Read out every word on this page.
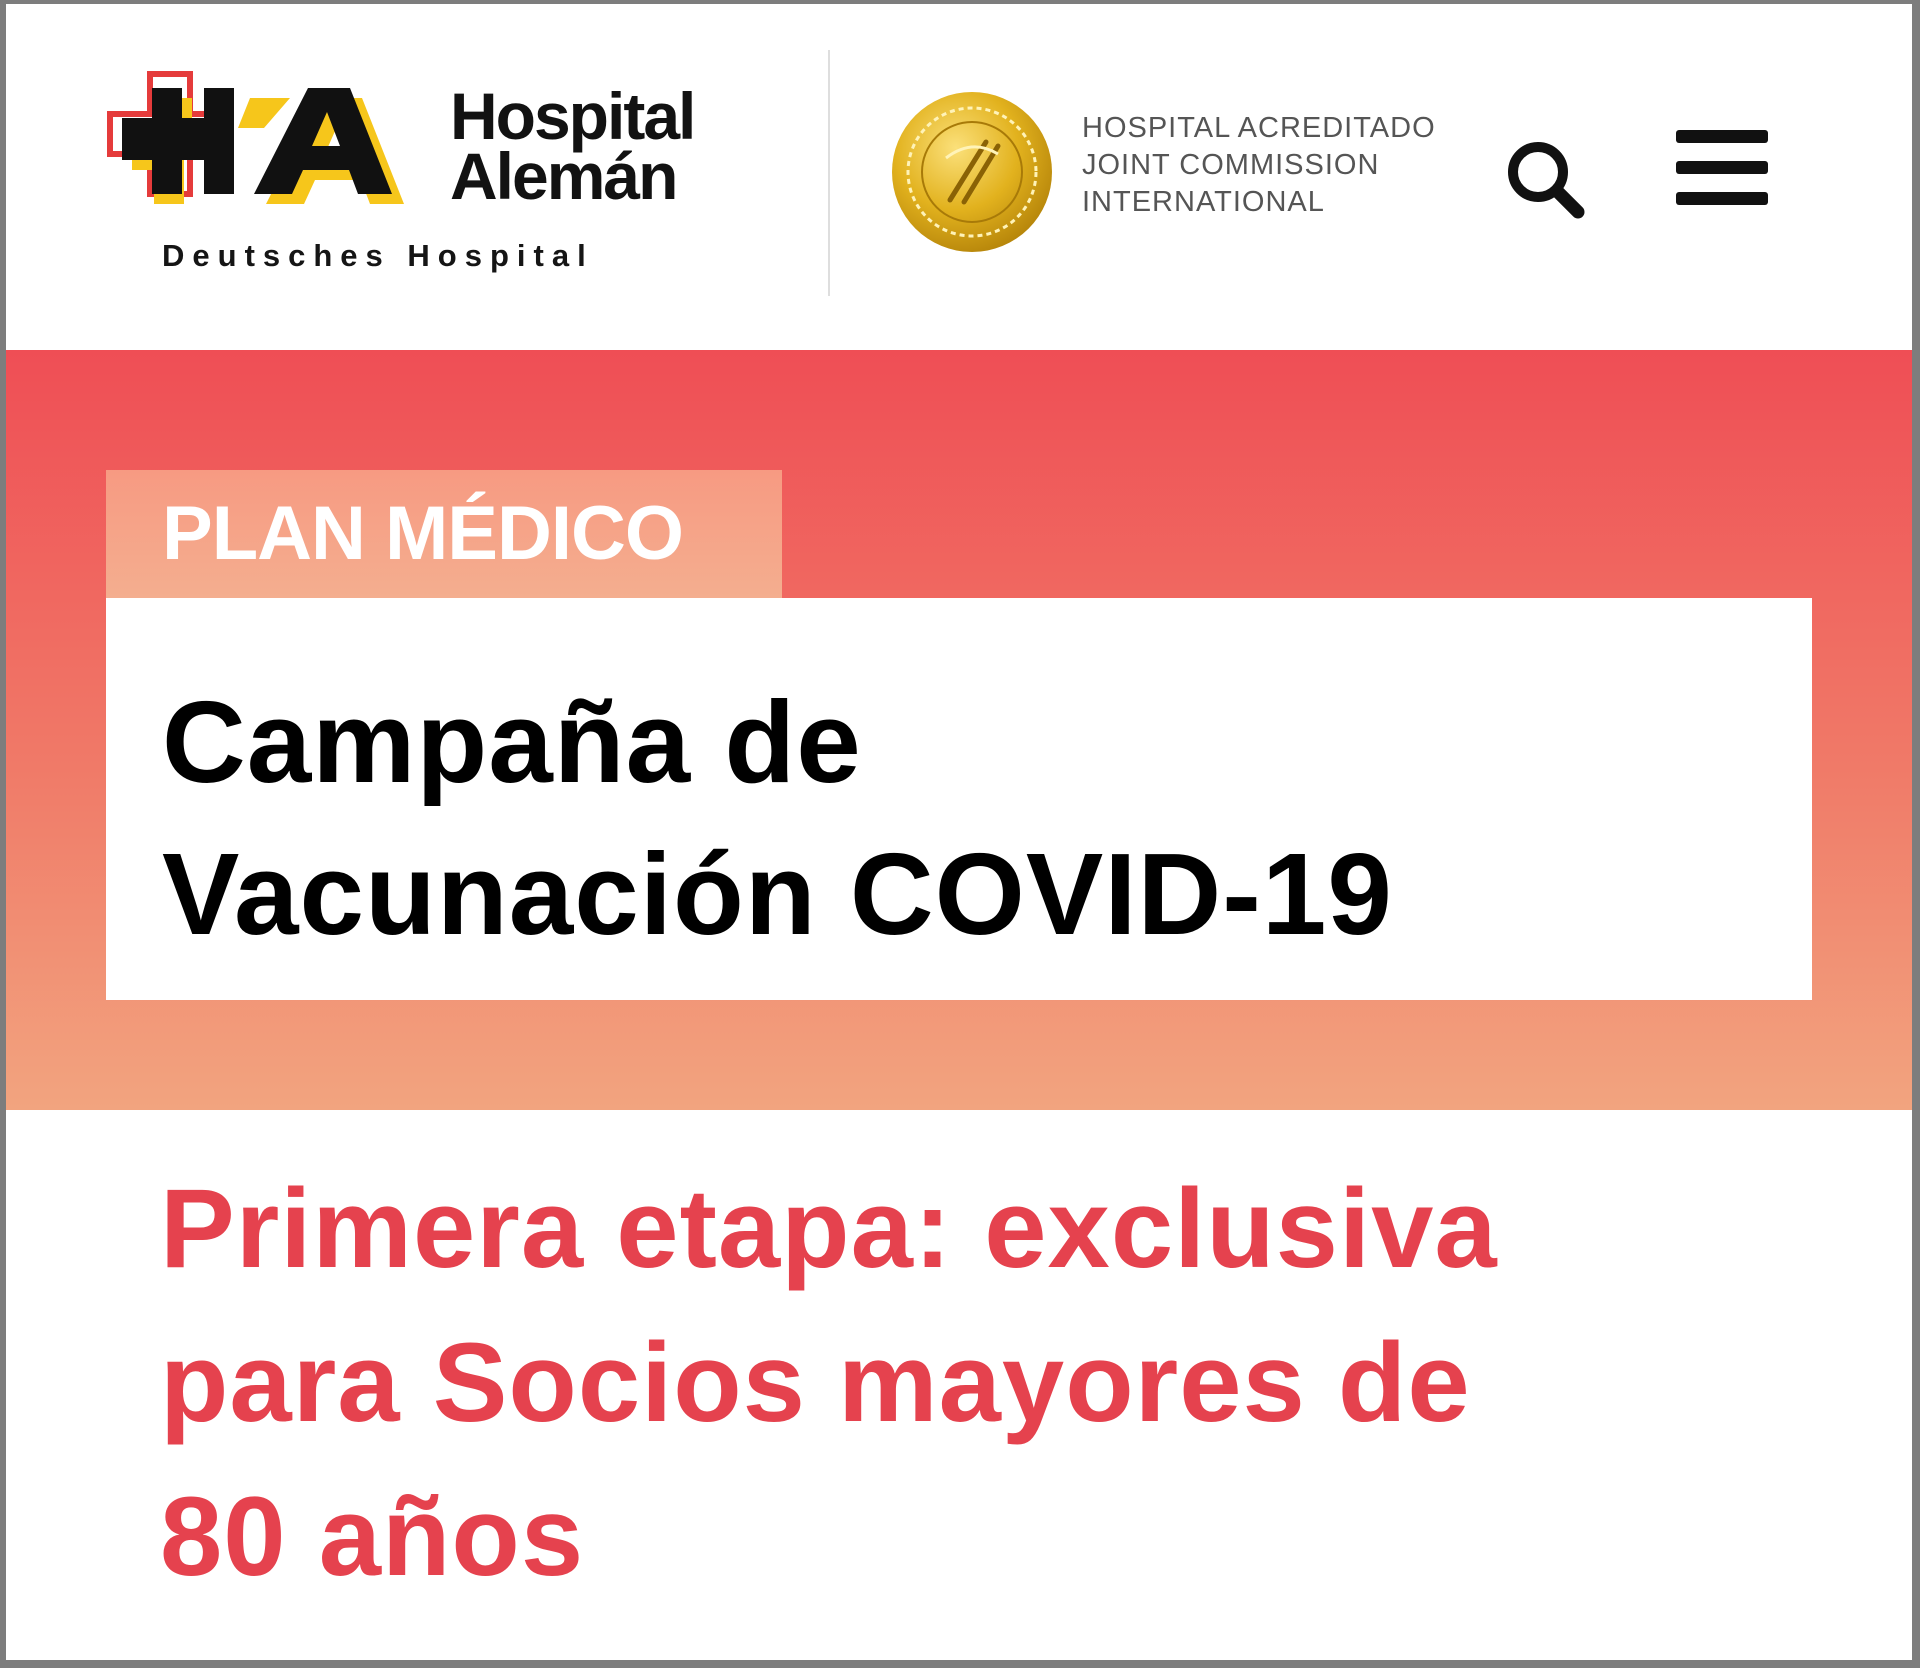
Hospital
Alemán
Deutsches Hospital
HOSPITAL ACREDITADO
JOINT COMMISSION
INTERNATIONAL
PLAN MÉDICO
Campaña de
Vacunación COVID-19
Primera etapa: exclusiva
para Socios mayores de
80 años
